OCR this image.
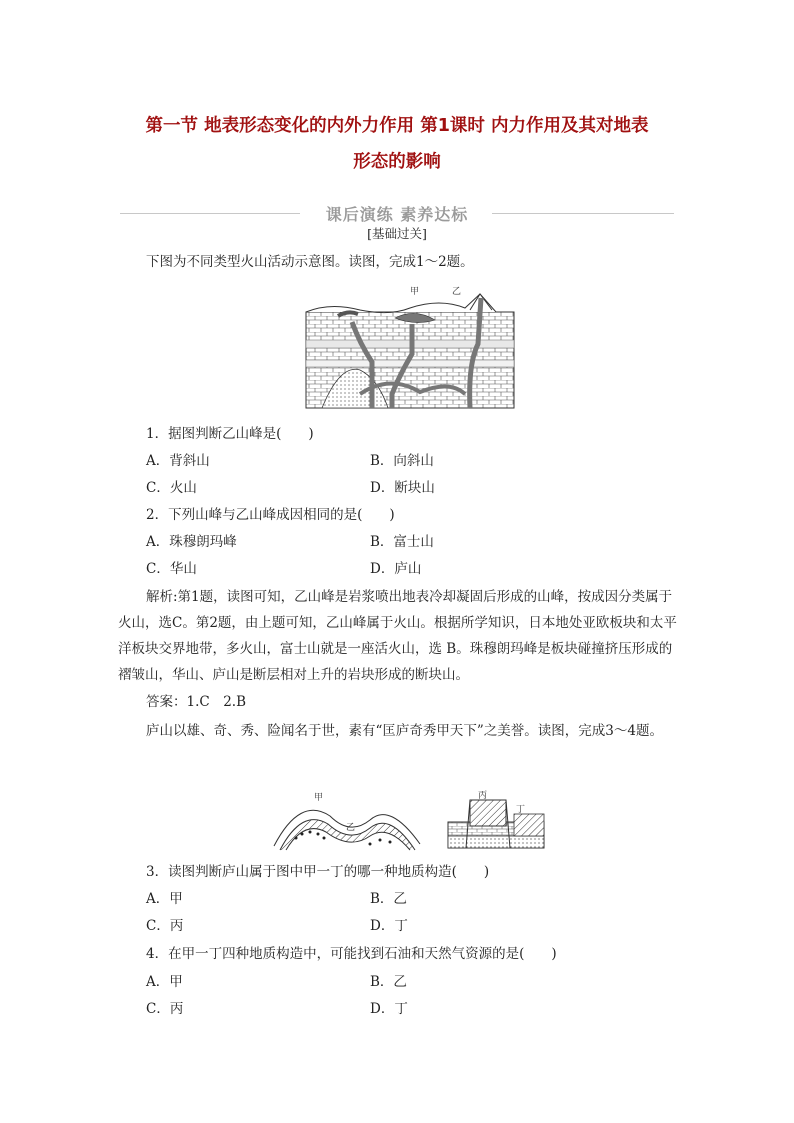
第一节 地表形态变化的内外力作用 第1课时 内力作用及其对地表
形态的影响
课后演练 素养达标
[基础过关]
下图为不同类型火山活动示意图。读图，完成1～2题。
甲	乙
1．据图判断乙山峰是(　　)
A．背斜山	B．向斜山
C．火山	D．断块山
2．下列山峰与乙山峰成因相同的是(　　)
A．珠穆朗玛峰	B．富士山
C．华山	D．庐山
解析:第1题，读图可知，乙山峰是岩浆喷出地表冷却凝固后形成的山峰，按成因分类属于火山，选C。第2题，由上题可知，乙山峰属于火山。根据所学知识，日本地处亚欧板块和太平洋板块交界地带，多火山，富士山就是一座活火山，选 B。珠穆朗玛峰是板块碰撞挤压形成的褶皱山，华山、庐山是断层相对上升的岩块形成的断块山。
答案：1.C　2.B
庐山以雄、奇、秀、险闻名于世，素有“匡庐奇秀甲天下”之美誉。读图，完成3～4题。
甲
乙
丙
丁
3．读图判断庐山属于图中甲一丁的哪一种地质构造(　　)
A．甲	B．乙
C．丙	D．丁
4．在甲一丁四种地质构造中，可能找到石油和天然气资源的是(　　)
A．甲	B．乙
C．丙	D．丁
